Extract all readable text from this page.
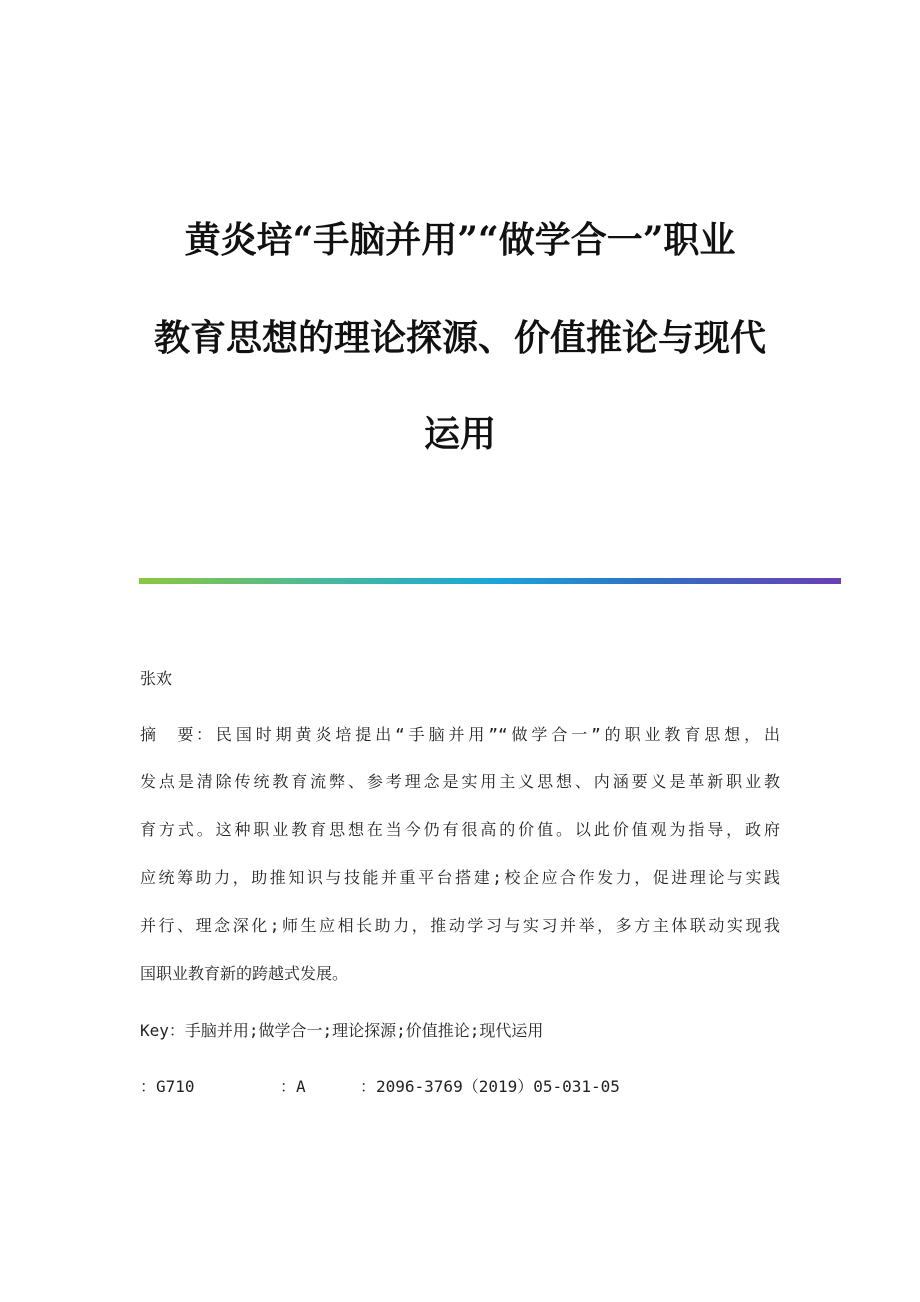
黄炎培“手脑并用”“做学合一”职业
教育思想的理论探源、价值推论与现代
运用
张欢
摘　要：民国时期黄炎培提出“手脑并用”“做学合一”的职业教育思想，出
发点是清除传统教育流弊、参考理念是实用主义思想、内涵要义是革新职业教
育方式。这种职业教育思想在当今仍有很高的价值。以此价值观为指导，政府
应统筹助力，助推知识与技能并重平台搭建;校企应合作发力，促进理论与实践
并行、理念深化;师生应相长助力，推动学习与实习并举，多方主体联动实现我
国职业教育新的跨越式发展。
Key：手脑并用;做学合一;理论探源;价值推论;现代运用
：G710	：A	：2096-3769（2019）05-031-05
